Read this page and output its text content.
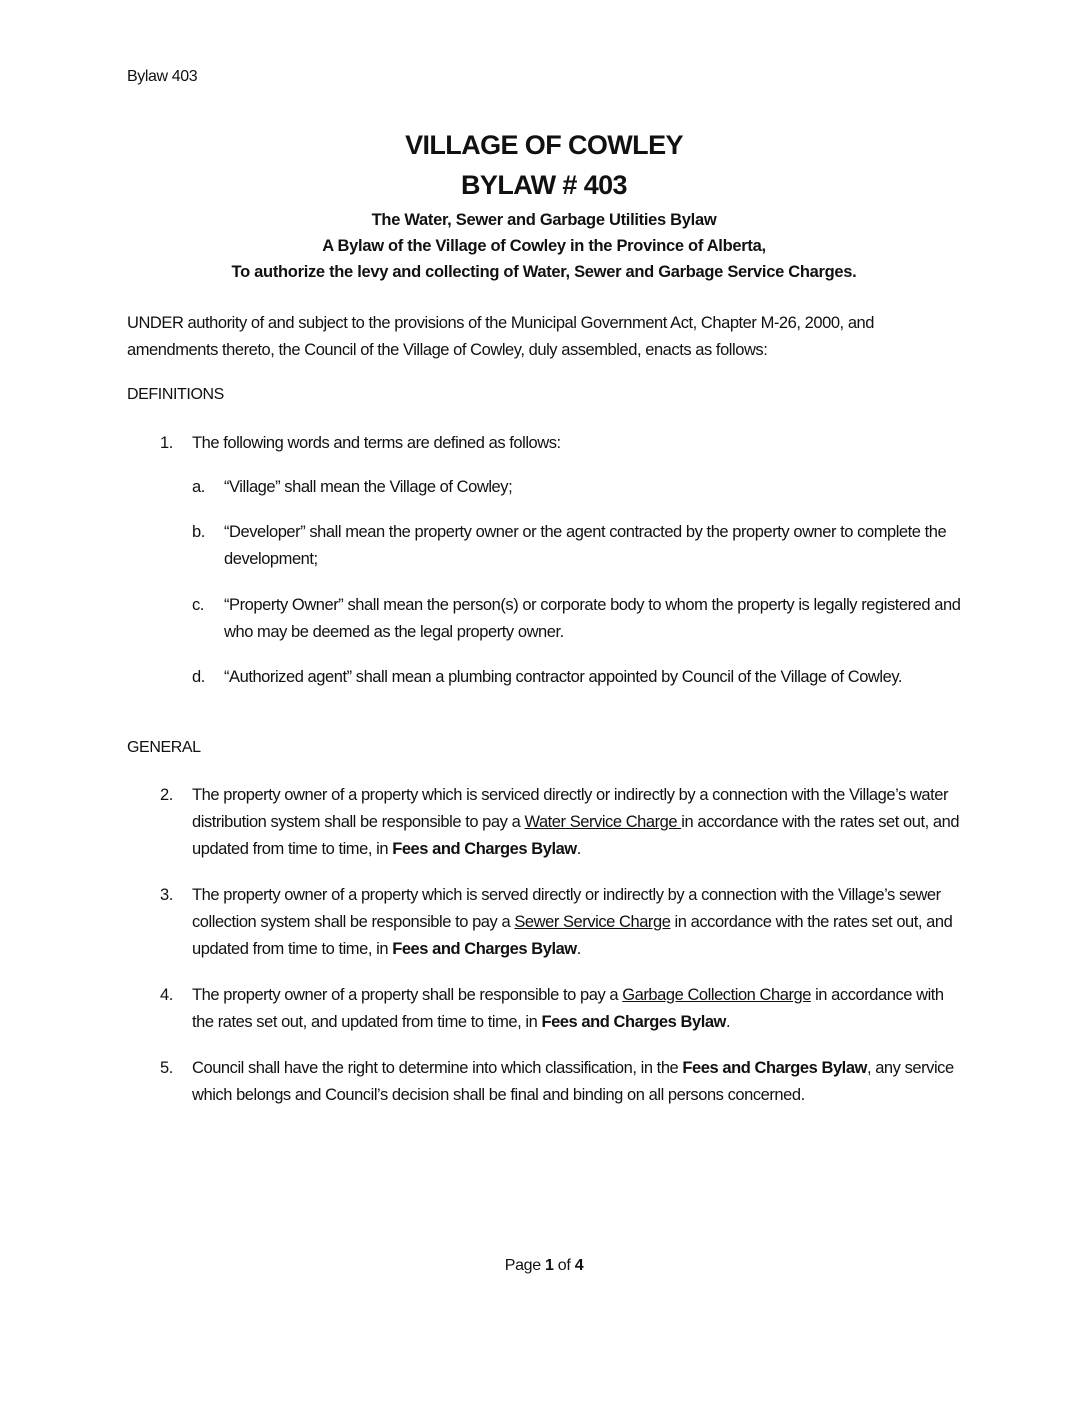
Bylaw 403
VILLAGE OF COWLEY
BYLAW # 403
The Water, Sewer and Garbage Utilities Bylaw
A Bylaw of the Village of Cowley in the Province of Alberta,
To authorize the levy and collecting of Water, Sewer and Garbage Service Charges.
UNDER authority of and subject to the provisions of the Municipal Government Act, Chapter M-26, 2000, and amendments thereto, the Council of the Village of Cowley, duly assembled, enacts as follows:
DEFINITIONS
1. The following words and terms are defined as follows:
a. “Village” shall mean the Village of Cowley;
b. “Developer” shall mean the property owner or the agent contracted by the property owner to complete the development;
c. “Property Owner” shall mean the person(s) or corporate body to whom the property is legally registered and who may be deemed as the legal property owner.
d. “Authorized agent” shall mean a plumbing contractor appointed by Council of the Village of Cowley.
GENERAL
2. The property owner of a property which is serviced directly or indirectly by a connection with the Village’s water distribution system shall be responsible to pay a Water Service Charge in accordance with the rates set out, and updated from time to time, in Fees and Charges Bylaw.
3. The property owner of a property which is served directly or indirectly by a connection with the Village’s sewer collection system shall be responsible to pay a Sewer Service Charge in accordance with the rates set out, and updated from time to time, in Fees and Charges Bylaw.
4. The property owner of a property shall be responsible to pay a Garbage Collection Charge in accordance with the rates set out, and updated from time to time, in Fees and Charges Bylaw.
5. Council shall have the right to determine into which classification, in the Fees and Charges Bylaw, any service which belongs and Council’s decision shall be final and binding on all persons concerned.
Page 1 of 4
